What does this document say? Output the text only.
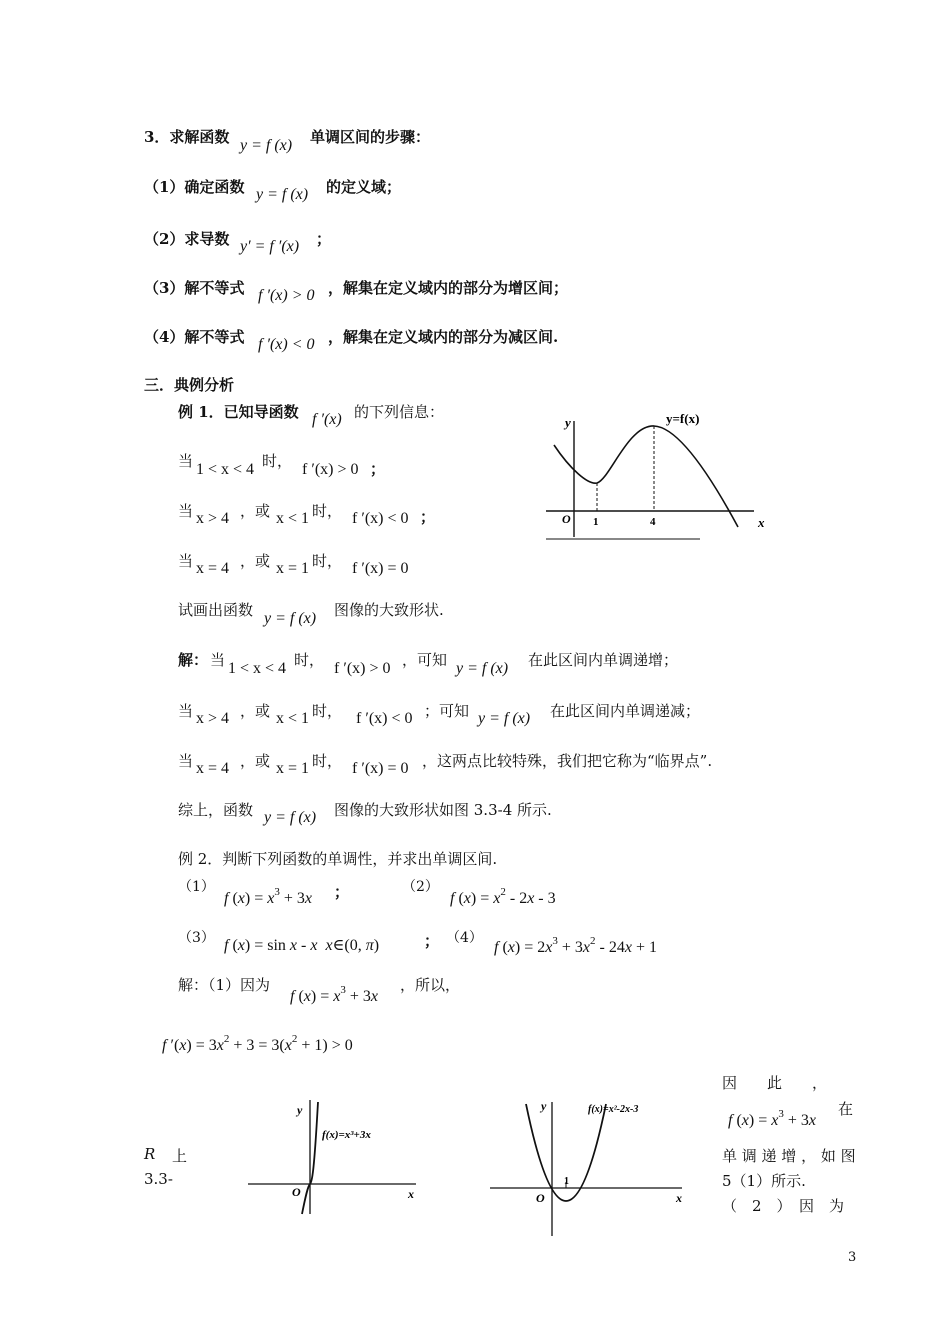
3．求解函数 y = f (x) 单调区间的步骤：
（1）确定函数 y = f (x) 的定义域；
（2）求导数 y′ = f ′(x) ；
（3）解不等式 f ′(x) > 0 ，解集在定义域内的部分为增区间；
（4）解不等式 f ′(x) < 0 ，解集在定义域内的部分为减区间.
三．典例分析
例 1．已知导函数 f ′(x) 的下列信息：
当 1 < x < 4 时， f ′(x) > 0 ；
当 x > 4 ，或 x < 1 时， f ′(x) < 0 ；
当 x = 4 ，或 x = 1 时， f ′(x) = 0
试画出函数 y = f (x) 图像的大致形状.
解： 当 1 < x < 4 时， f ′(x) > 0 ，可知 y = f (x) 在此区间内单调递增；
当 x > 4 ，或 x < 1 时， f ′(x) < 0 ；可知 y = f (x) 在此区间内单调递减；
当 x = 4 ，或 x = 1 时， f ′(x) = 0 ，这两点比较特殊，我们把它称为“临界点”.
综上，函数 y = f (x) 图像的大致形状如图 3.3-4 所示.
y
x
O 1	4
y=f(x)
例 2．判断下列函数的单调性，并求出单调区间.
（1）
f $(x) = x^3 + 3x$ ；	（2）
f $(x) = x^2 - 2x - 3$
（3） f (x) = sin x - x x∈(0, π)	； （4）
f $(x) = 2x^3 + 3x^2 - 24x + 1$
解：（1）因为
f $(x) = x^3 + 3x$
，所以，
f $'(x) = 3x^2 + 3 = 3(x^2 + 1) > 0$
因　　此　　，
f $(x) = x^3 + 3x$
在
单 调 递 增 ， 如 图
5（1）所示.
（　2　）　因　为
R 上
3.3-
y
x
O
f(x)=x³+3x
y
x
O
1
f(x)=x²-2x-3
3
